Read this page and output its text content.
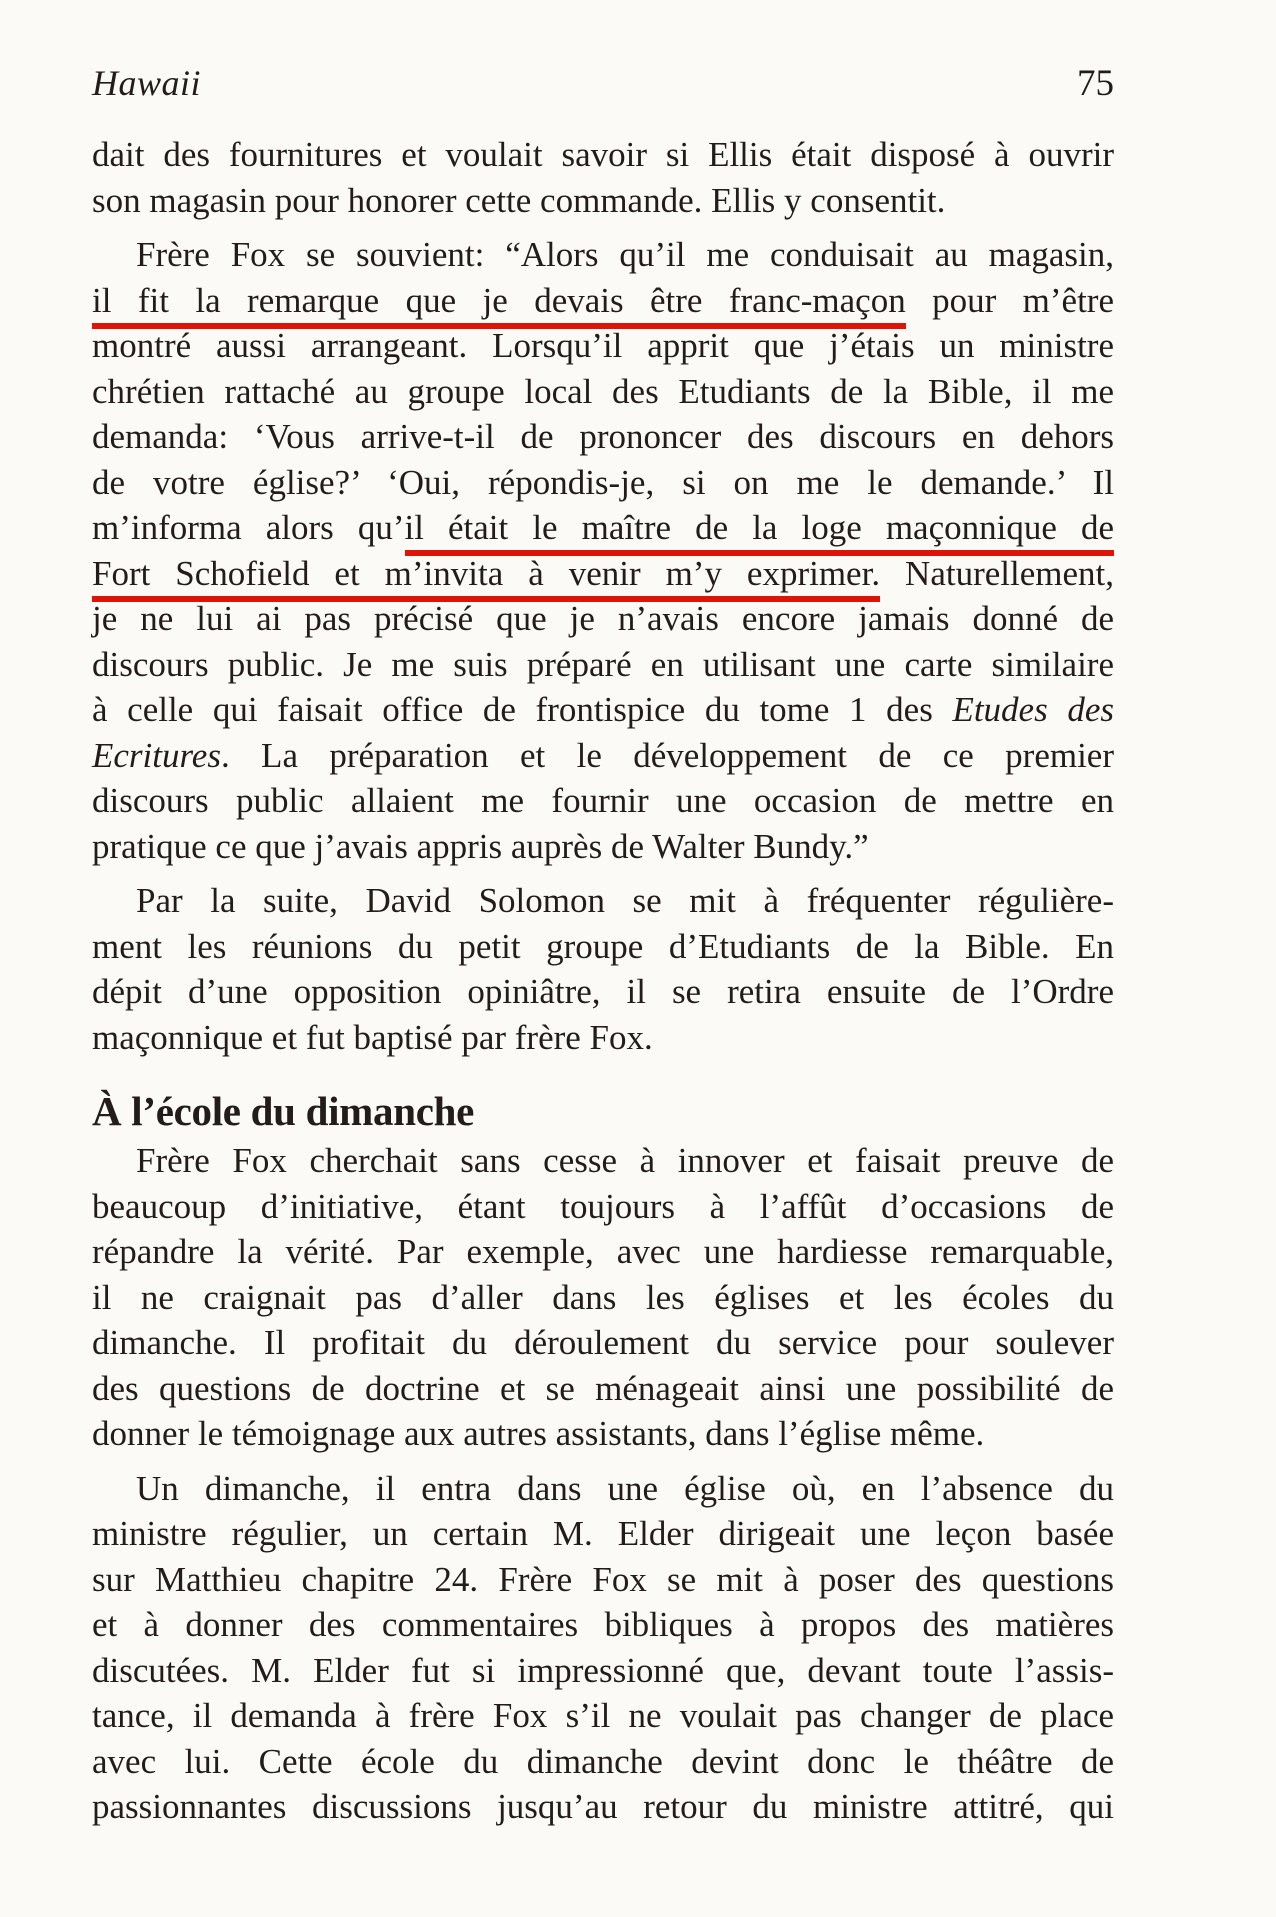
Hawaii	75
dait des fournitures et voulait savoir si Ellis était disposé à ouvrir
son magasin pour honorer cette commande. Ellis y consentit.
Frère Fox se souvient: “Alors qu’il me conduisait au magasin,
il fit la remarque que je devais être franc-maçon pour m’être
montré aussi arrangeant. Lorsqu’il apprit que j’étais un ministre
chrétien rattaché au groupe local des Etudiants de la Bible, il me
demanda: ‘Vous arrive-t-il de prononcer des discours en dehors
de votre église?’ ‘Oui, répondis-je, si on me le demande.’ Il
m’informa alors qu’il était le maître de la loge maçonnique de
Fort Schofield et m’invita à venir m’y exprimer. Naturellement,
je ne lui ai pas précisé que je n’avais encore jamais donné de
discours public. Je me suis préparé en utilisant une carte similaire
à celle qui faisait office de frontispice du tome 1 des Etudes des
Ecritures. La préparation et le développement de ce premier
discours public allaient me fournir une occasion de mettre en
pratique ce que j’avais appris auprès de Walter Bundy.”
Par la suite, David Solomon se mit à fréquenter régulière-
ment les réunions du petit groupe d’Etudiants de la Bible. En
dépit d’une opposition opiniâtre, il se retira ensuite de l’Ordre
maçonnique et fut baptisé par frère Fox.
À l’école du dimanche
Frère Fox cherchait sans cesse à innover et faisait preuve de
beaucoup d’initiative, étant toujours à l’affût d’occasions de
répandre la vérité. Par exemple, avec une hardiesse remarquable,
il ne craignait pas d’aller dans les églises et les écoles du
dimanche. Il profitait du déroulement du service pour soulever
des questions de doctrine et se ménageait ainsi une possibilité de
donner le témoignage aux autres assistants, dans l’église même.
Un dimanche, il entra dans une église où, en l’absence du
ministre régulier, un certain M. Elder dirigeait une leçon basée
sur Matthieu chapitre 24. Frère Fox se mit à poser des questions
et à donner des commentaires bibliques à propos des matières
discutées. M. Elder fut si impressionné que, devant toute l’assis-
tance, il demanda à frère Fox s’il ne voulait pas changer de place
avec lui. Cette école du dimanche devint donc le théâtre de
passionnantes discussions jusqu’au retour du ministre attitré, qui
